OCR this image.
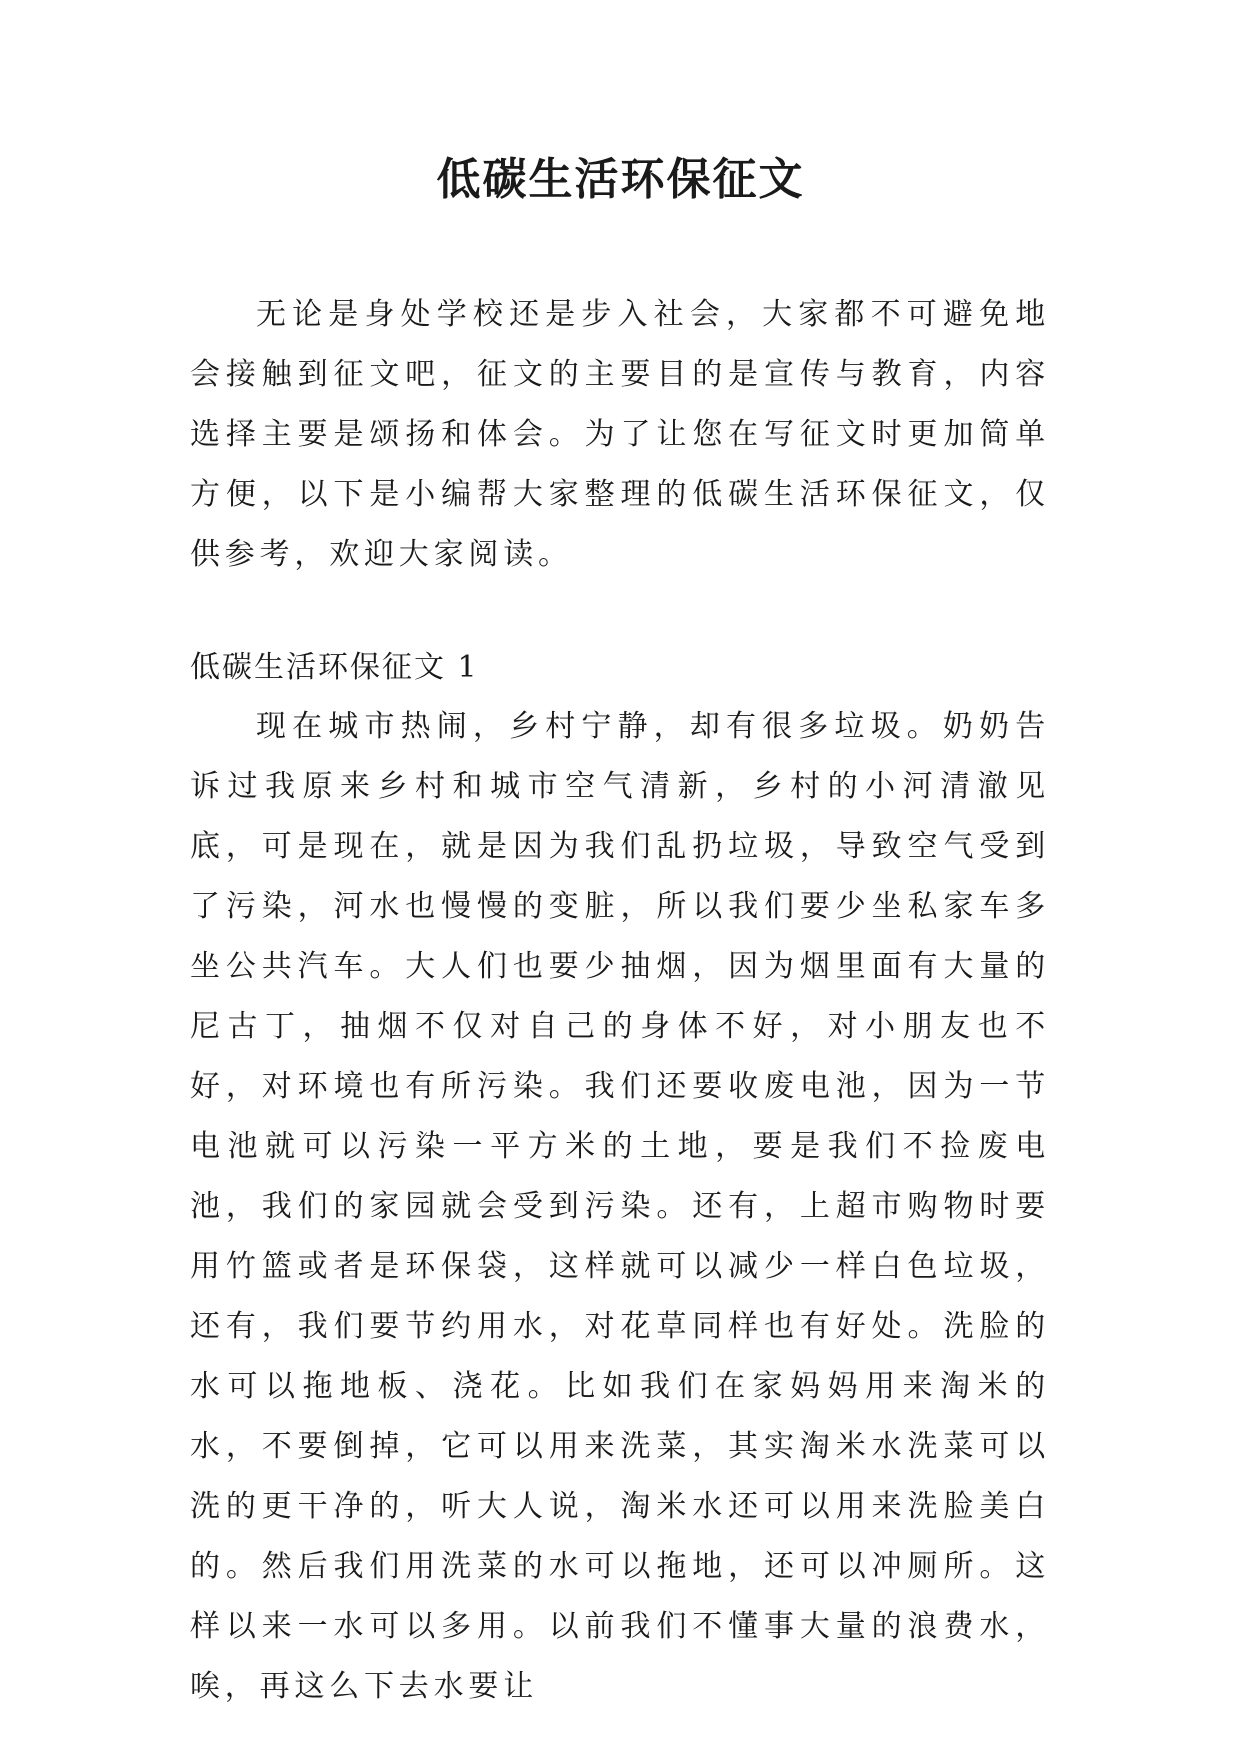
低碳生活环保征文
无论是身处学校还是步入社会，大家都不可避免地会接触到征文吧，征文的主要目的是宣传与教育，内容选择主要是颂扬和体会。为了让您在写征文时更加简单方便，以下是小编帮大家整理的低碳生活环保征文，仅供参考，欢迎大家阅读。
低碳生活环保征文 1
现在城市热闹，乡村宁静，却有很多垃圾。奶奶告诉过我原来乡村和城市空气清新，乡村的小河清澈见底，可是现在，就是因为我们乱扔垃圾，导致空气受到了污染，河水也慢慢的变脏，所以我们要少坐私家车多坐公共汽车。大人们也要少抽烟，因为烟里面有大量的尼古丁，抽烟不仅对自己的身体不好，对小朋友也不好，对环境也有所污染。我们还要收废电池，因为一节电池就可以污染一平方米的土地，要是我们不捡废电池，我们的家园就会受到污染。还有，上超市购物时要用竹篮或者是环保袋，这样就可以减少一样白色垃圾，还有，我们要节约用水，对花草同样也有好处。洗脸的水可以拖地板、浇花。比如我们在家妈妈用来淘米的水，不要倒掉，它可以用来洗菜，其实淘米水洗菜可以洗的更干净的，听大人说，淘米水还可以用来洗脸美白的。然后我们用洗菜的水可以拖地，还可以冲厕所。这样以来一水可以多用。以前我们不懂事大量的浪费水，唉，再这么下去水要让
